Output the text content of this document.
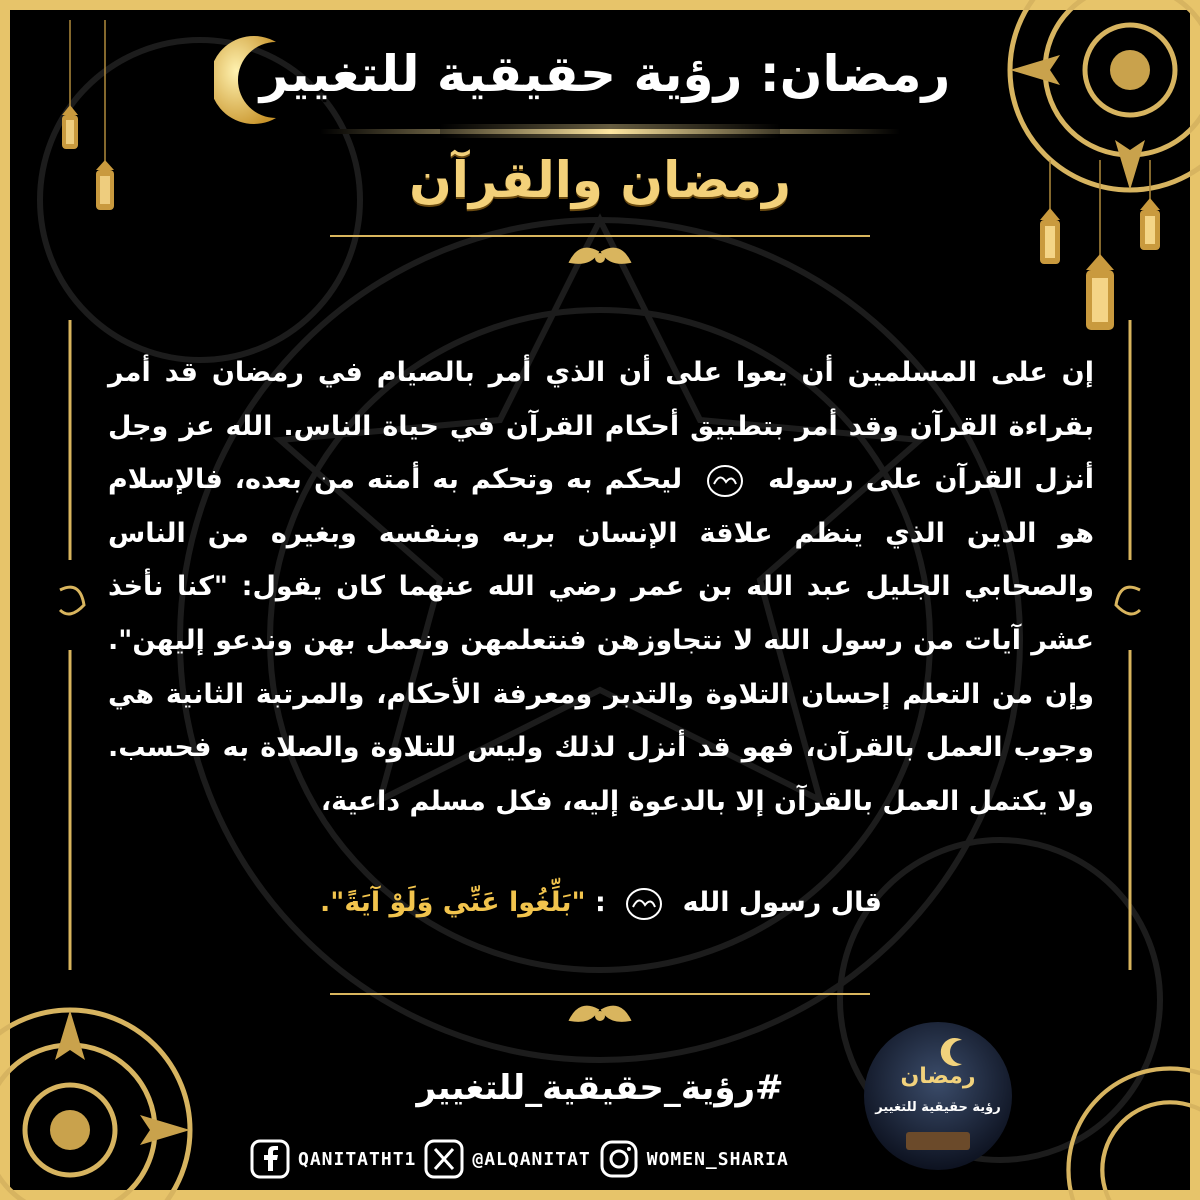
رمضان: رؤية حقيقية للتغيير
رمضان والقرآن
إن على المسلمين أن يعوا على أن الذي أمر بالصيام في رمضان قد أمر بقراءة القرآن وقد أمر بتطبيق أحكام القرآن في حياة الناس. الله عز وجل أنزل القرآن على رسوله  ليحكم به وتحكم به أمته من بعده، فالإسلام هو الدين الذي ينظم علاقة الإنسان بربه وبنفسه وبغيره من الناس والصحابي الجليل عبد الله بن عمر رضي الله عنهما كان يقول: "كنا نأخذ عشر آيات من رسول الله لا نتجاوزهن فنتعلمهن ونعمل بهن وندعو إليهن". وإن من التعلم إحسان التلاوة والتدبر ومعرفة الأحكام، والمرتبة الثانية هي وجوب العمل بالقرآن، فهو قد أنزل لذلك وليس للتلاوة والصلاة به فحسب. ولا يكتمل العمل بالقرآن إلا بالدعوة إليه، فكل مسلم داعية،
قال رسول الله  : "بَلِّغُوا عَنِّي وَلَوْ آيَةً".
#رؤية_حقيقية_للتغيير
QANITATHT1	@ALQANITAT	WOMEN_SHARIA
رمضان
رؤية حقيقية للتغيير
